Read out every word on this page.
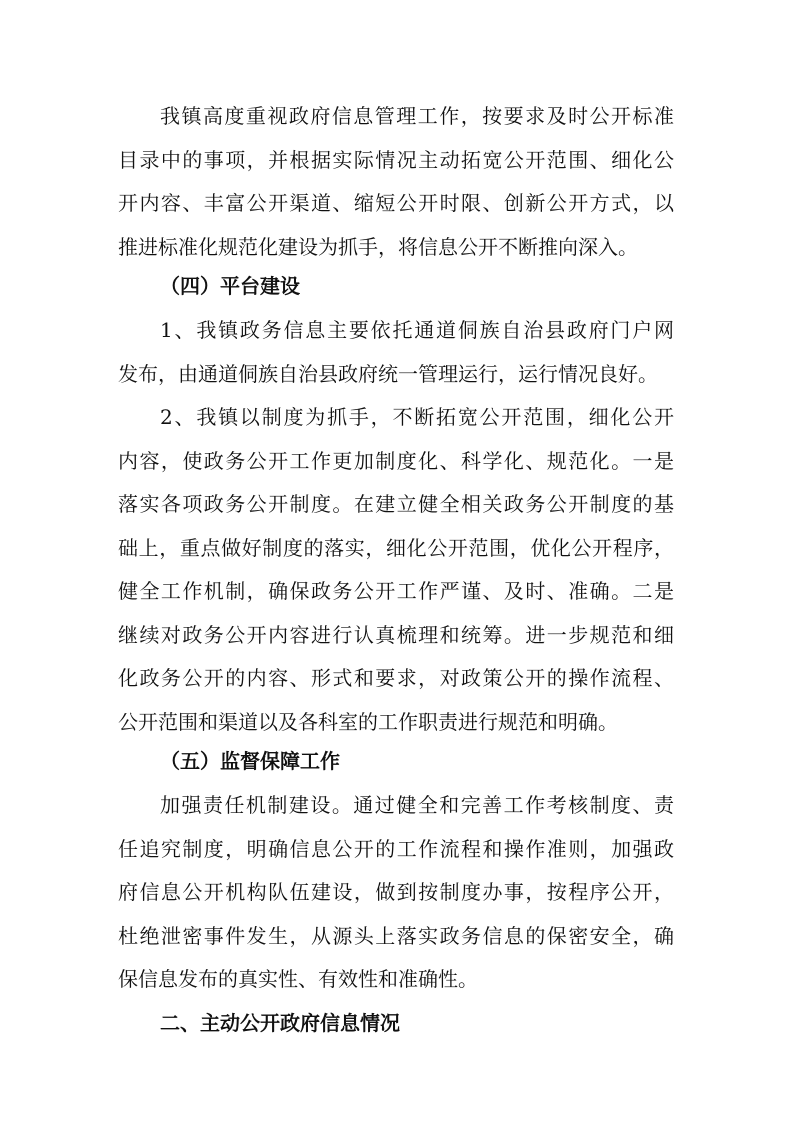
我镇高度重视政府信息管理工作，按要求及时公开标准
目录中的事项，并根据实际情况主动拓宽公开范围、细化公
开内容、丰富公开渠道、缩短公开时限、创新公开方式，以
推进标准化规范化建设为抓手，将信息公开不断推向深入。
（四）平台建设
1、我镇政务信息主要依托通道侗族自治县政府门户网
发布，由通道侗族自治县政府统一管理运行，运行情况良好。
2、我镇以制度为抓手，不断拓宽公开范围，细化公开
内容，使政务公开工作更加制度化、科学化、规范化。一是
落实各项政务公开制度。在建立健全相关政务公开制度的基
础上，重点做好制度的落实，细化公开范围，优化公开程序，
健全工作机制，确保政务公开工作严谨、及时、准确。二是
继续对政务公开内容进行认真梳理和统筹。进一步规范和细
化政务公开的内容、形式和要求，对政策公开的操作流程、
公开范围和渠道以及各科室的工作职责进行规范和明确。
（五）监督保障工作
加强责任机制建设。通过健全和完善工作考核制度、责
任追究制度，明确信息公开的工作流程和操作准则，加强政
府信息公开机构队伍建设，做到按制度办事，按程序公开，
杜绝泄密事件发生，从源头上落实政务信息的保密安全，确
保信息发布的真实性、有效性和准确性。
二、主动公开政府信息情况
